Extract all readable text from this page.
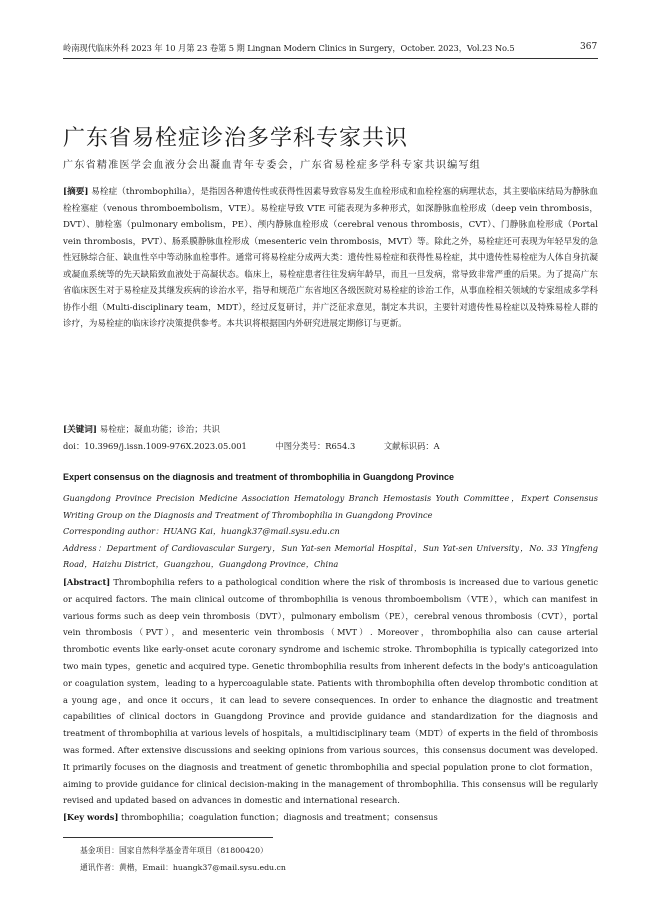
岭南现代临床外科 2023 年 10 月第 23 卷第 5 期 Lingnan Modern Clinics in Surgery，October. 2023，Vol.23 No.5	367
广东省易栓症诊治多学科专家共识
广东省精准医学会血液分会出凝血青年专委会，广东省易栓症多学科专家共识编写组
[摘要] 易栓症（thrombophilia），是指因各种遗传性或获得性因素导致容易发生血栓形成和血栓栓塞的病理状态，其主要临床结局为静脉血栓栓塞症（venous thromboembolism，VTE）。易栓症导致 VTE 可能表现为多种形式，如深静脉血栓形成（deep vein thrombosis，DVT）、肺栓塞（pulmonary embolism，PE）、颅内静脉血栓形成（cerebral venous thrombosis，CVT）、门静脉血栓形成（Portal vein thrombosis，PVT）、肠系膜静脉血栓形成（mesenteric vein thrombosis，MVT）等。除此之外，易栓症还可表现为年轻早发的急性冠脉综合征、缺血性卒中等动脉血栓事件。通常可将易栓症分成两大类：遗传性易栓症和获得性易栓症，其中遗传性易栓症为人体自身抗凝或凝血系统等的先天缺陷致血液处于高凝状态。临床上，易栓症患者往往发病年龄早，而且一旦发病，常导致非常严重的后果。为了提高广东省临床医生对于易栓症及其继发疾病的诊治水平，指导和规范广东省地区各级医院对易栓症的诊治工作，从事血栓相关领域的专家组成多学科协作小组（Multi-disciplinary team，MDT），经过反复研讨，并广泛征求意见，制定本共识，主要针对遗传性易栓症以及特殊易栓人群的诊疗，为易栓症的临床诊疗决策提供参考。本共识将根据国内外研究进展定期修订与更新。
[关键词] 易栓症；凝血功能；诊治；共识
doi：10.3969/j.issn.1009-976X.2023.05.001	中图分类号：R654.3	文献标识码：A
Expert consensus on the diagnosis and treatment of thrombophilia in Guangdong Province
Guangdong Province Precision Medicine Association Hematology Branch Hemostasis Youth Committee，Expert Consensus Writing Group on the Diagnosis and Treatment of Thrombophilia in Guangdong Province
Corresponding author：HUANG Kai，huangk37@mail.sysu.edu.cn
Address：Department of Cardiovascular Surgery，Sun Yat-sen Memorial Hospital，Sun Yat-sen University，No. 33 Yingfeng Road，Haizhu District，Guangzhou，Guangdong Province，China
[Abstract] Thrombophilia refers to a pathological condition where the risk of thrombosis is increased due to various genetic or acquired factors. The main clinical outcome of thrombophilia is venous thromboembolism（VTE），which can manifest in various forms such as deep vein thrombosis（DVT），pulmonary embolism（PE），cerebral venous thrombosis（CVT），portal vein thrombosis（PVT），and mesenteric vein thrombosis（MVT）. Moreover，thrombophilia also can cause arterial thrombotic events like early-onset acute coronary syndrome and ischemic stroke. Thrombophilia is typically categorized into two main types，genetic and acquired type. Genetic thrombophilia results from inherent defects in the body's anticoagulation or coagulation system，leading to a hypercoagulable state. Patients with thrombophilia often develop thrombotic condition at a young age，and once it occurs，it can lead to severe consequences. In order to enhance the diagnostic and treatment capabilities of clinical doctors in Guangdong Province and provide guidance and standardization for the diagnosis and treatment of thrombophilia at various levels of hospitals，a multidisciplinary team（MDT）of experts in the field of thrombosis was formed. After extensive discussions and seeking opinions from various sources，this consensus document was developed. It primarily focuses on the diagnosis and treatment of genetic thrombophilia and special population prone to clot formation，aiming to provide guidance for clinical decision-making in the management of thrombophilia. This consensus will be regularly revised and updated based on advances in domestic and international research.
[Key words] thrombophilia；coagulation function；diagnosis and treatment；consensus
基金项目：国家自然科学基金青年项目（81800420）
通讯作者：黄楷，Email：huangk37@mail.sysu.edu.cn
